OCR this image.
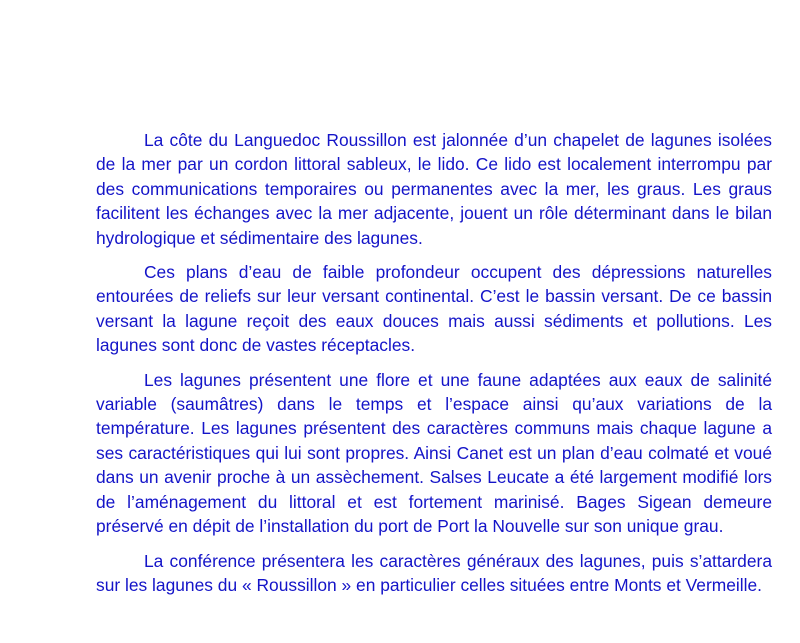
La côte du Languedoc Roussillon est jalonnée d’un chapelet de lagunes isolées de la mer par un cordon littoral sableux, le lido. Ce lido est localement interrompu par des communications temporaires ou permanentes avec la mer, les graus. Les graus facilitent les échanges avec la mer adjacente, jouent un rôle déterminant dans le bilan hydrologique et sédimentaire des lagunes.

Ces plans d’eau de faible profondeur occupent des dépressions naturelles entourées de reliefs sur leur versant continental. C’est le bassin versant. De ce bassin versant la lagune reçoit des eaux douces mais aussi sédiments et pollutions. Les lagunes sont donc de vastes réceptacles.

Les lagunes présentent une flore et une faune adaptées aux eaux de salinité variable (saumâtres) dans le temps et l’espace ainsi qu’aux variations de la température. Les lagunes présentent des caractères communs mais chaque lagune a ses caractéristiques qui lui sont propres. Ainsi Canet est un plan d’eau colmaté et voué dans un avenir proche à un assèchement. Salses Leucate a été largement modifié lors de l’aménagement du littoral et est fortement marinisé. Bages Sigean demeure préservé en dépit de l’installation du port de Port la Nouvelle sur son unique grau.

La conférence présentera les caractères généraux des lagunes, puis s’attardera sur les lagunes du « Roussillon » en particulier celles situées entre Monts et Vermeille.
